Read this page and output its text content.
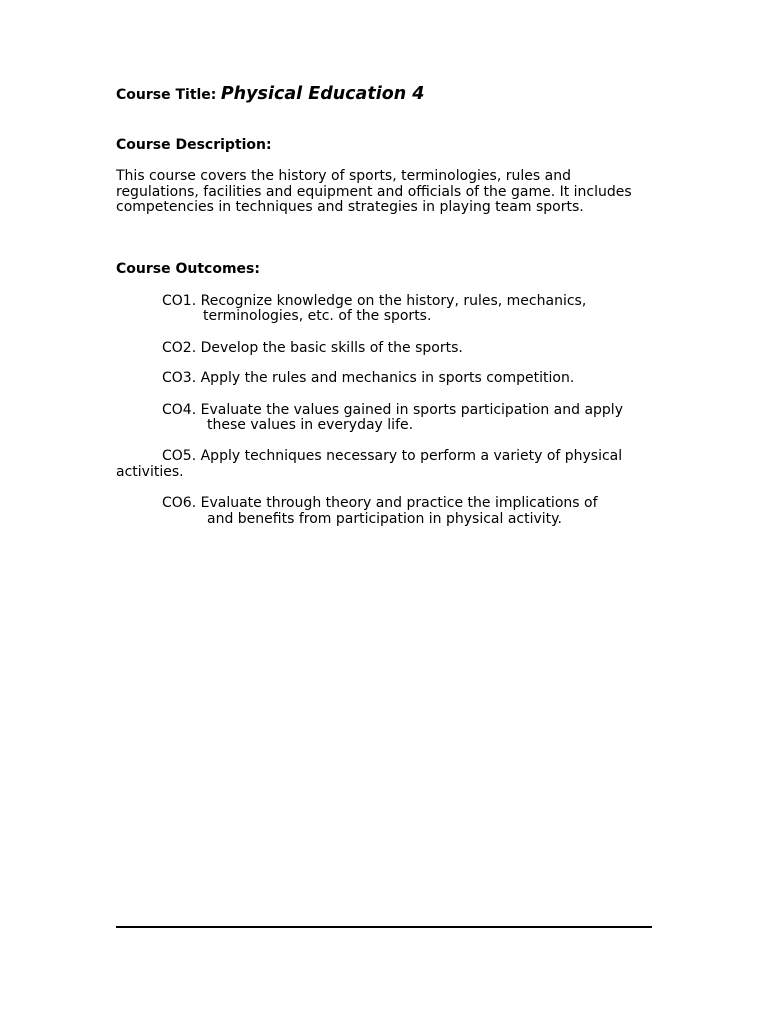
Course Title: Physical Education 4
Course Description:
This course covers the history of sports, terminologies, rules and
regulations, facilities and equipment and officials of the game. It includes
competencies in techniques and strategies in playing team sports.
Course Outcomes:
CO1. Recognize knowledge on the history, rules, mechanics,
terminologies, etc. of the sports.
CO2. Develop the basic skills of the sports.
CO3. Apply the rules and mechanics in sports competition.
CO4. Evaluate the values gained in sports participation and apply
these values in everyday life.
CO5. Apply techniques necessary to perform a variety of physical
activities.
CO6. Evaluate through theory and practice the implications of
and benefits from participation in physical activity.
